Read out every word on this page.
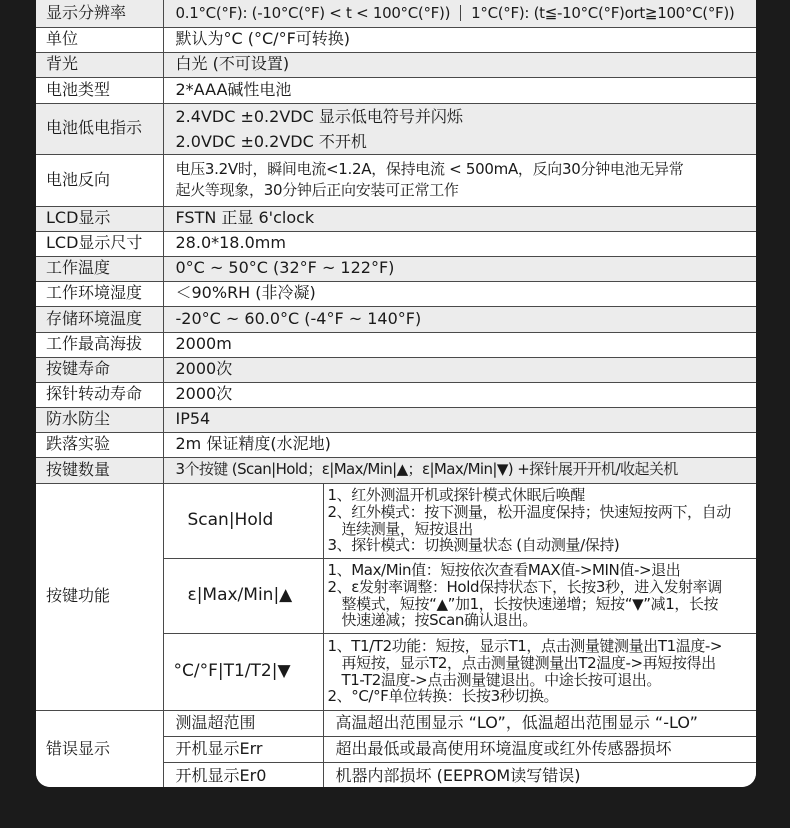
显示分辨率	0.1°C(°F): (-10°C(°F) < t < 100°C(°F)) 1°C(°F): (t≦-10°C(°F)ort≧100°C(°F))	
单位	默认为°C (°C/°F可转换)	
背光	白光 (不可设置)	
电池类型	2*AAA碱性电池	
电池低电指示	2.4VDC ±0.2VDC 显示低电符号并闪烁
2.0VDC ±0.2VDC 不开机	

电池反向	电压3.2V时，瞬间电流<1.2A，保持电流 < 500mA，反向30分钟电池无异常
起火等现象，30分钟后正向安装可正常工作	

LCD显示	FSTN 正显 6'clock	
LCD显示尺寸	28.0*18.0mm	
工作温度	0°C ~ 50°C (32°F ~ 122°F)	
工作环境湿度	＜90%RH (非冷凝)	
存储环境温度	-20°C ~ 60.0°C (-4°F ~ 140°F)	
工作最高海拔	2000m	
按键寿命	2000次	
探针转动寿命	2000次	
防水防尘	IP54	
跌落实验	2m 保证精度(水泥地)	
按键数量	3个按键 (Scan|Hold；ε|Max/Min|▲；ε|Max/Min|▼) +探针展开开机/收起关机	
按键功能	Scan|Hold	1、红外测温开机或探针模式休眠后唤醒
2、红外模式：按下测量，松开温度保持；快速短按两下，自动
连续测量，短按退出
3、探针模式：切换测量状态 (自动测量/保持)

	ε|Max/Min|▲	1、Max/Min值：短按依次查看MAX值->MIN值->退出
2、ε发射率调整：Hold保持状态下，长按3秒，进入发射率调
整模式，短按“▲”加1，长按快速递增；短按“▼”减1，长按
快速递减；按Scan确认退出。

	°C/°F|T1/T2|▼	1、T1/T2功能：短按，显示T1，点击测量键测量出T1温度->
再短按，显示T2，点击测量键测量出T2温度->再短按得出
T1-T2温度->点击测量键退出。中途长按可退出。
2、°C/°F单位转换：长按3秒切换。

错误显示	测温超范围	高温超出范围显示 “LO”，低温超出范围显示 “-LO”
	开机显示Err	超出最低或最高使用环境温度或红外传感器损坏
	开机显示Er0	机器内部损坏 (EEPROM读写错误)
